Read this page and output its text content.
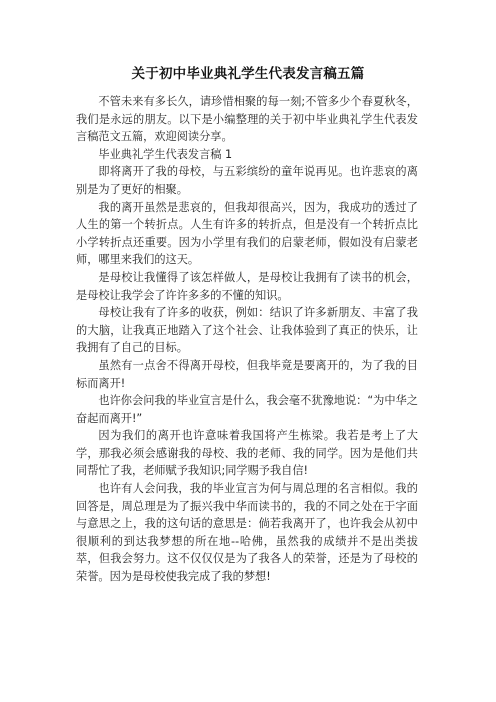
关于初中毕业典礼学生代表发言稿五篇

不管未来有多长久，请珍惜相聚的每一刻;不管多少个春夏秋冬，我们是永远的朋友。以下是小编整理的关于初中毕业典礼学生代表发言稿范文五篇，欢迎阅读分享。

毕业典礼学生代表发言稿 1

即将离开了我的母校，与五彩缤纷的童年说再见。也许悲哀的离别是为了更好的相聚。

我的离开虽然是悲哀的，但我却很高兴，因为，我成功的透过了人生的第一个转折点。人生有许多的转折点，但是没有一个转折点比小学转折点还重要。因为小学里有我们的启蒙老师，假如没有启蒙老师，哪里来我们的这天。

是母校让我懂得了该怎样做人，是母校让我拥有了读书的机会，是母校让我学会了许许多多的不懂的知识。

母校让我有了许多的收获，例如：结识了许多新朋友、丰富了我的大脑，让我真正地踏入了这个社会、让我体验到了真正的快乐，让我拥有了自己的目标。

虽然有一点舍不得离开母校，但我毕竟是要离开的，为了我的目标而离开!

也许你会问我的毕业宣言是什么，我会毫不犹豫地说：“为中华之奋起而离开!”

因为我们的离开也许意味着我国将产生栋梁。我若是考上了大学，那我必须会感谢我的母校、我的老师、我的同学。因为是他们共同帮忙了我，老师赋予我知识;同学赐予我自信!

也许有人会问我，我的毕业宣言为何与周总理的名言相似。我的回答是，周总理是为了振兴我中华而读书的，我的不同之处在于字面与意思之上，我的这句话的意思是：倘若我离开了，也许我会从初中很顺利的到达我梦想的所在地--哈佛，虽然我的成绩并不是出类拔萃，但我会努力。这不仅仅仅是为了我各人的荣誉，还是为了母校的荣誉。因为是母校使我完成了我的梦想!
